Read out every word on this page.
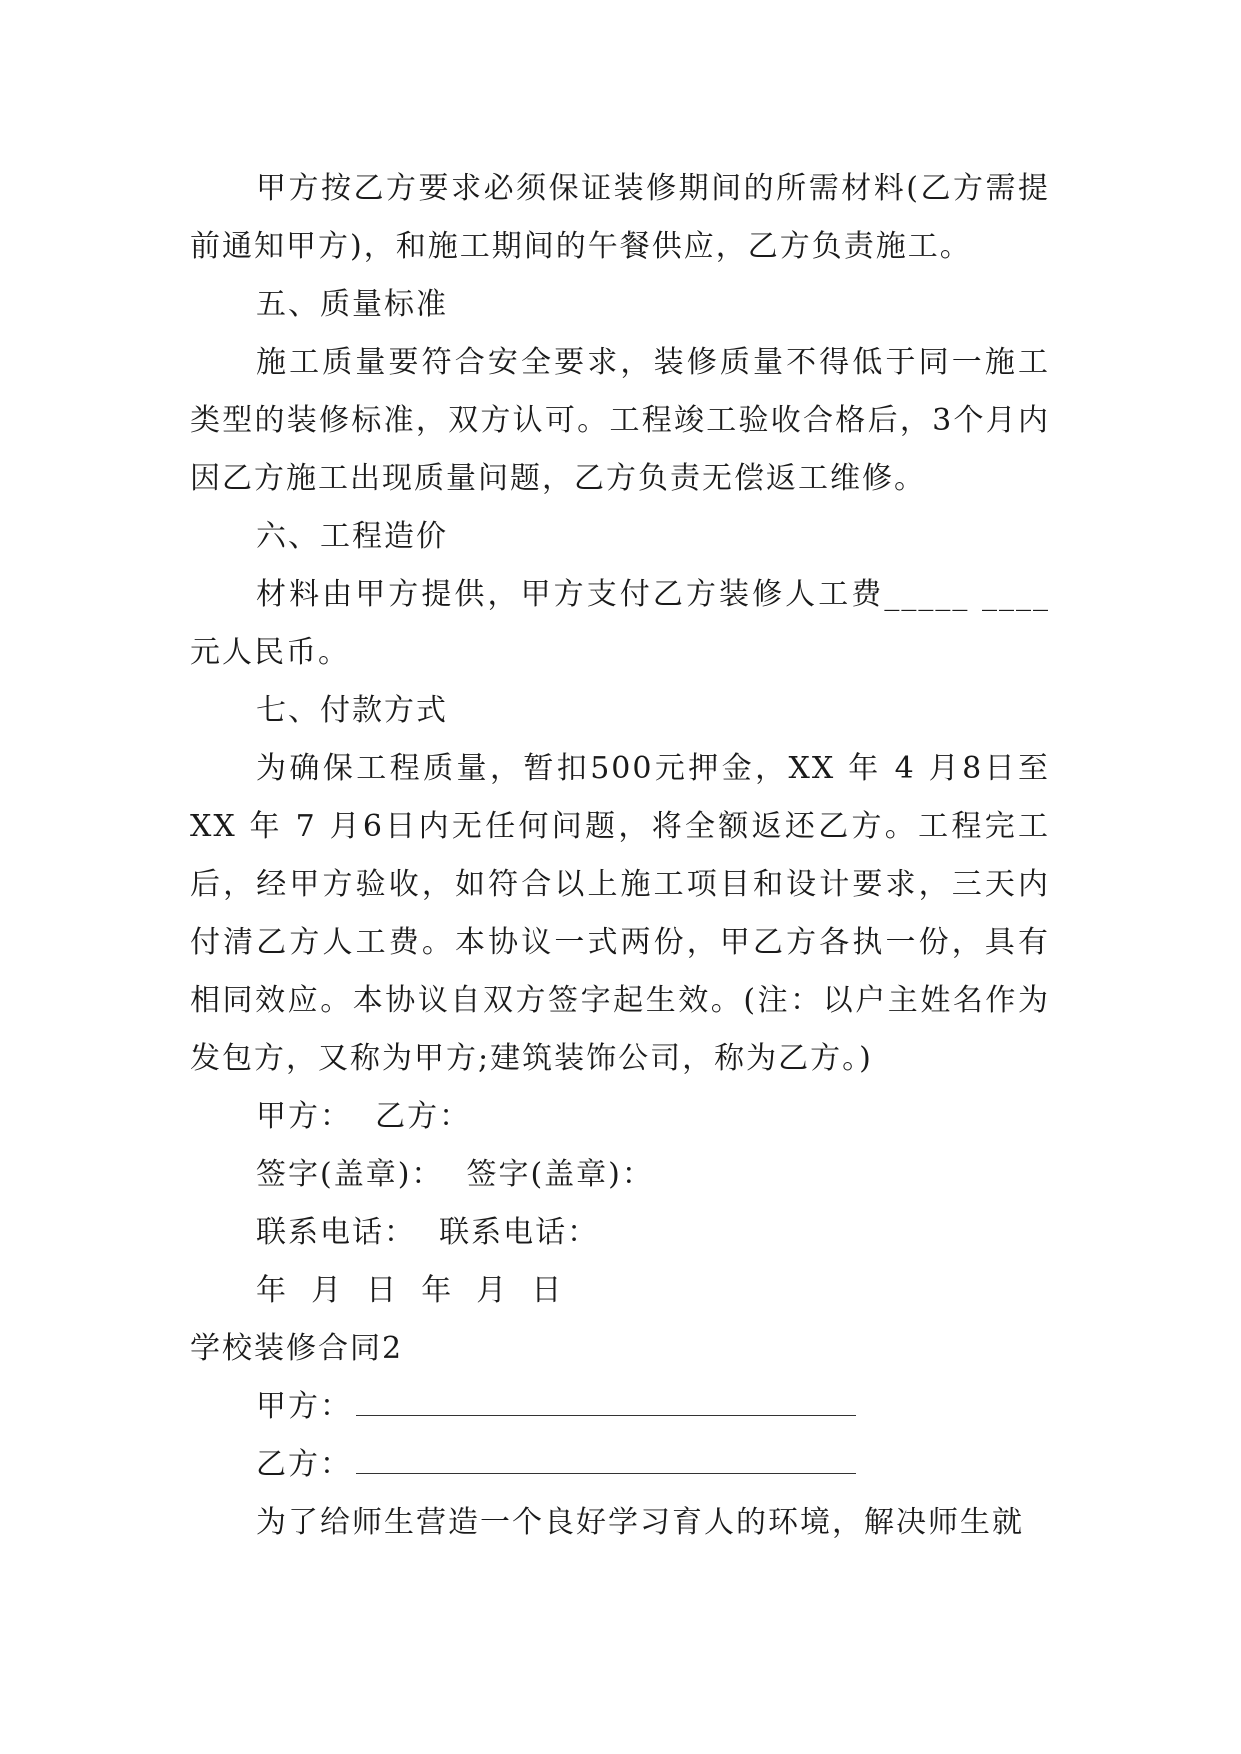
甲方按乙方要求必须保证装修期间的所需材料(乙方需提前通知甲方)，和施工期间的午餐供应，乙方负责施工。

五、质量标准

施工质量要符合安全要求，装修质量不得低于同一施工类型的装修标准，双方认可。工程竣工验收合格后，3个月内因乙方施工出现质量问题，乙方负责无偿返工维修。

六、工程造价

材料由甲方提供，甲方支付乙方装修人工费_____ ____元人民币。

七、付款方式

为确保工程质量，暂扣500元押金，XX 年 4 月8日至XX 年 7 月6日内无任何问题，将全额返还乙方。工程完工后，经甲方验收，如符合以上施工项目和设计要求，三天内付清乙方人工费。本协议一式两份，甲乙方各执一份，具有相同效应。本协议自双方签字起生效。(注：以户主姓名作为发包方，又称为甲方;建筑装饰公司，称为乙方。)

甲方：  乙方：

签字(盖章)：  签字(盖章)：

联系电话：  联系电话：

年  月  日  年  月  日

学校装修合同2

甲方：

乙方：

为了给师生营造一个良好学习育人的环境，解决师生就
